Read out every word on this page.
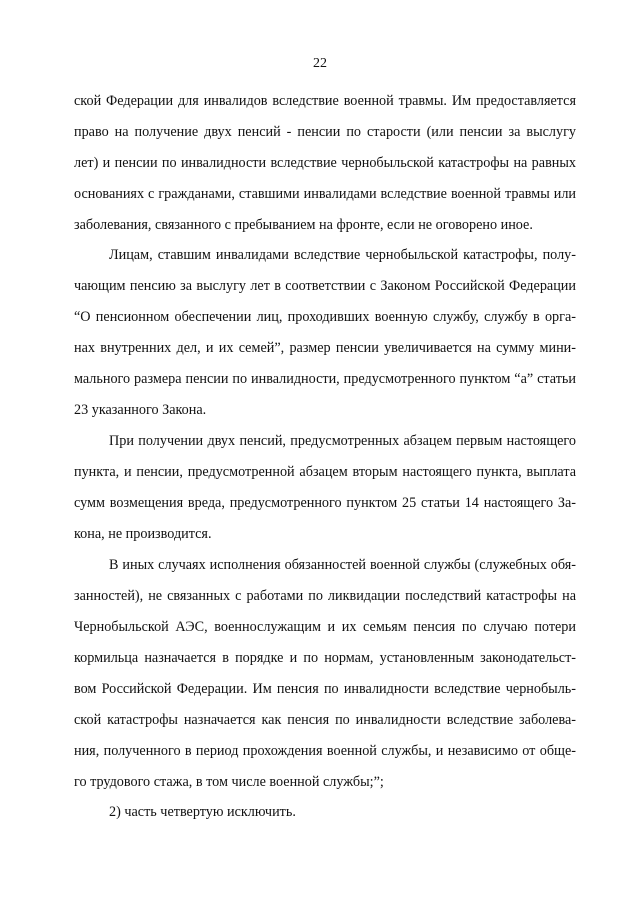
22
ской Федерации для инвалидов вследствие военной травмы. Им предоставляется
право на получение двух пенсий - пенсии по старости (или пенсии за выслугу
лет) и пенсии по инвалидности вследствие чернобыльской катастрофы на равных
основаниях с гражданами, ставшими инвалидами вследствие военной травмы или
заболевания, связанного с пребыванием на фронте, если не оговорено иное.
Лицам, ставшим инвалидами вследствие чернобыльской катастрофы, полу-
чающим пенсию за выслугу лет в соответствии с Законом Российской Федерации
“О пенсионном обеспечении лиц, проходивших военную службу, службу в орга-
нах внутренних дел, и их семей”, размер пенсии увеличивается на сумму мини-
мального размера пенсии по инвалидности, предусмотренного пунктом “а” статьи
23 указанного Закона.
При получении двух пенсий, предусмотренных абзацем первым настоящего
пункта, и пенсии, предусмотренной абзацем вторым настоящего пункта, выплата
сумм возмещения вреда, предусмотренного пунктом 25 статьи 14 настоящего За-
кона, не производится.
В иных случаях исполнения обязанностей военной службы (служебных обя-
занностей), не связанных с работами по ликвидации последствий катастрофы на
Чернобыльской АЭС, военнослужащим и их семьям пенсия по случаю потери
кормильца назначается в порядке и по нормам, установленным законодательст-
вом Российской Федерации. Им пенсия по инвалидности вследствие чернобыль-
ской катастрофы назначается как пенсия по инвалидности вследствие заболева-
ния, полученного в период прохождения военной службы, и независимо от обще-
го трудового стажа, в том числе военной службы;”;
2) часть четвертую исключить.
